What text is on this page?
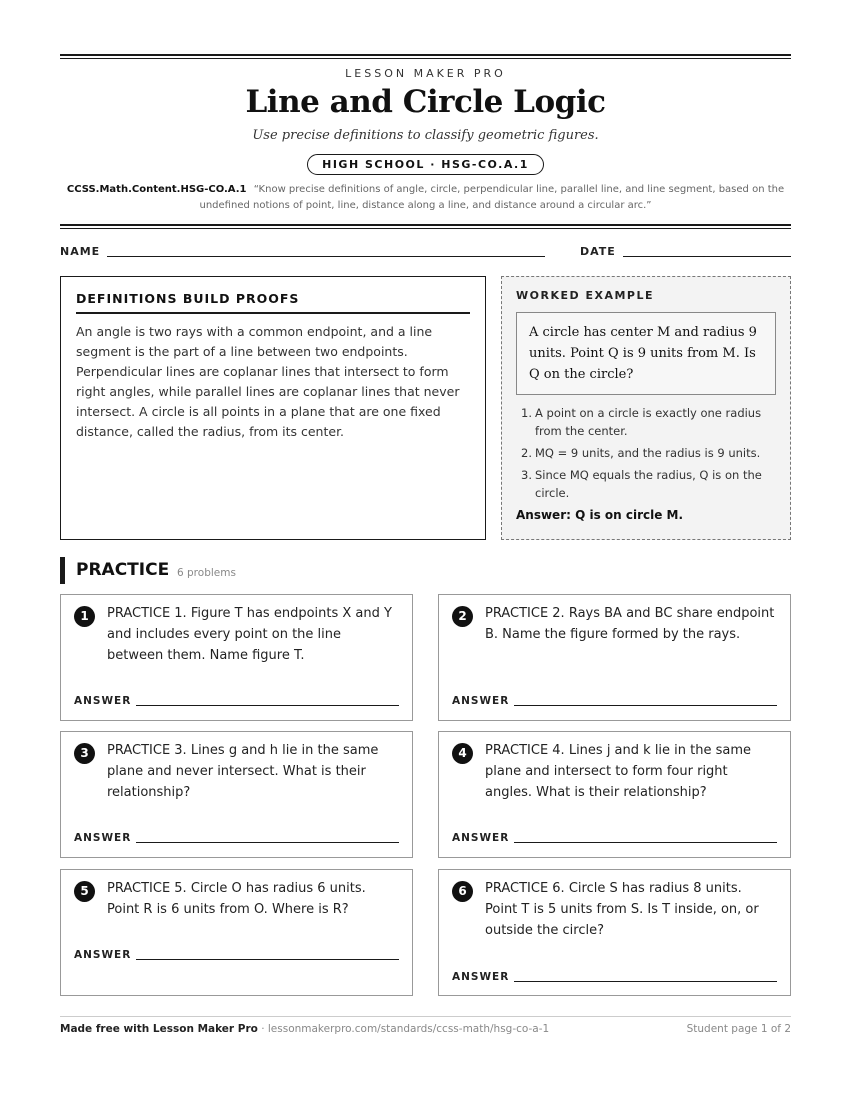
LESSON MAKER PRO
Line and Circle Logic
Use precise definitions to classify geometric figures.
HIGH SCHOOL · HSG-CO.A.1
CCSS.Math.Content.HSG-CO.A.1 “Know precise definitions of angle, circle, perpendicular line, parallel line, and line segment, based on the undefined notions of point, line, distance along a line, and distance around a circular arc.”
NAME	DATE
DEFINITIONS BUILD PROOFS
An angle is two rays with a common endpoint, and a line segment is the part of a line between two endpoints. Perpendicular lines are coplanar lines that intersect to form right angles, while parallel lines are coplanar lines that never intersect. A circle is all points in a plane that are one fixed distance, called the radius, from its center.
WORKED EXAMPLE
A circle has center M and radius 9 units. Point Q is 9 units from M. Is Q on the circle?
1. A point on a circle is exactly one radius from the center.
2. MQ = 9 units, and the radius is 9 units.
3. Since MQ equals the radius, Q is on the circle.
Answer: Q is on circle M.
PRACTICE 6 problems
1	PRACTICE 1. Figure T has endpoints X and Y and includes every point on the line between them. Name figure T.
ANSWER
2	PRACTICE 2. Rays BA and BC share endpoint B. Name the figure formed by the rays.
ANSWER
3	PRACTICE 3. Lines g and h lie in the same plane and never intersect. What is their relationship?
ANSWER
4	PRACTICE 4. Lines j and k lie in the same plane and intersect to form four right angles. What is their relationship?
ANSWER
5	PRACTICE 5. Circle O has radius 6 units. Point R is 6 units from O. Where is R?
ANSWER
6	PRACTICE 6. Circle S has radius 8 units. Point T is 5 units from S. Is T inside, on, or outside the circle?
ANSWER
Made free with Lesson Maker Pro · lessonmakerpro.com/standards/ccss-math/hsg-co-a-1	Student page 1 of 2
